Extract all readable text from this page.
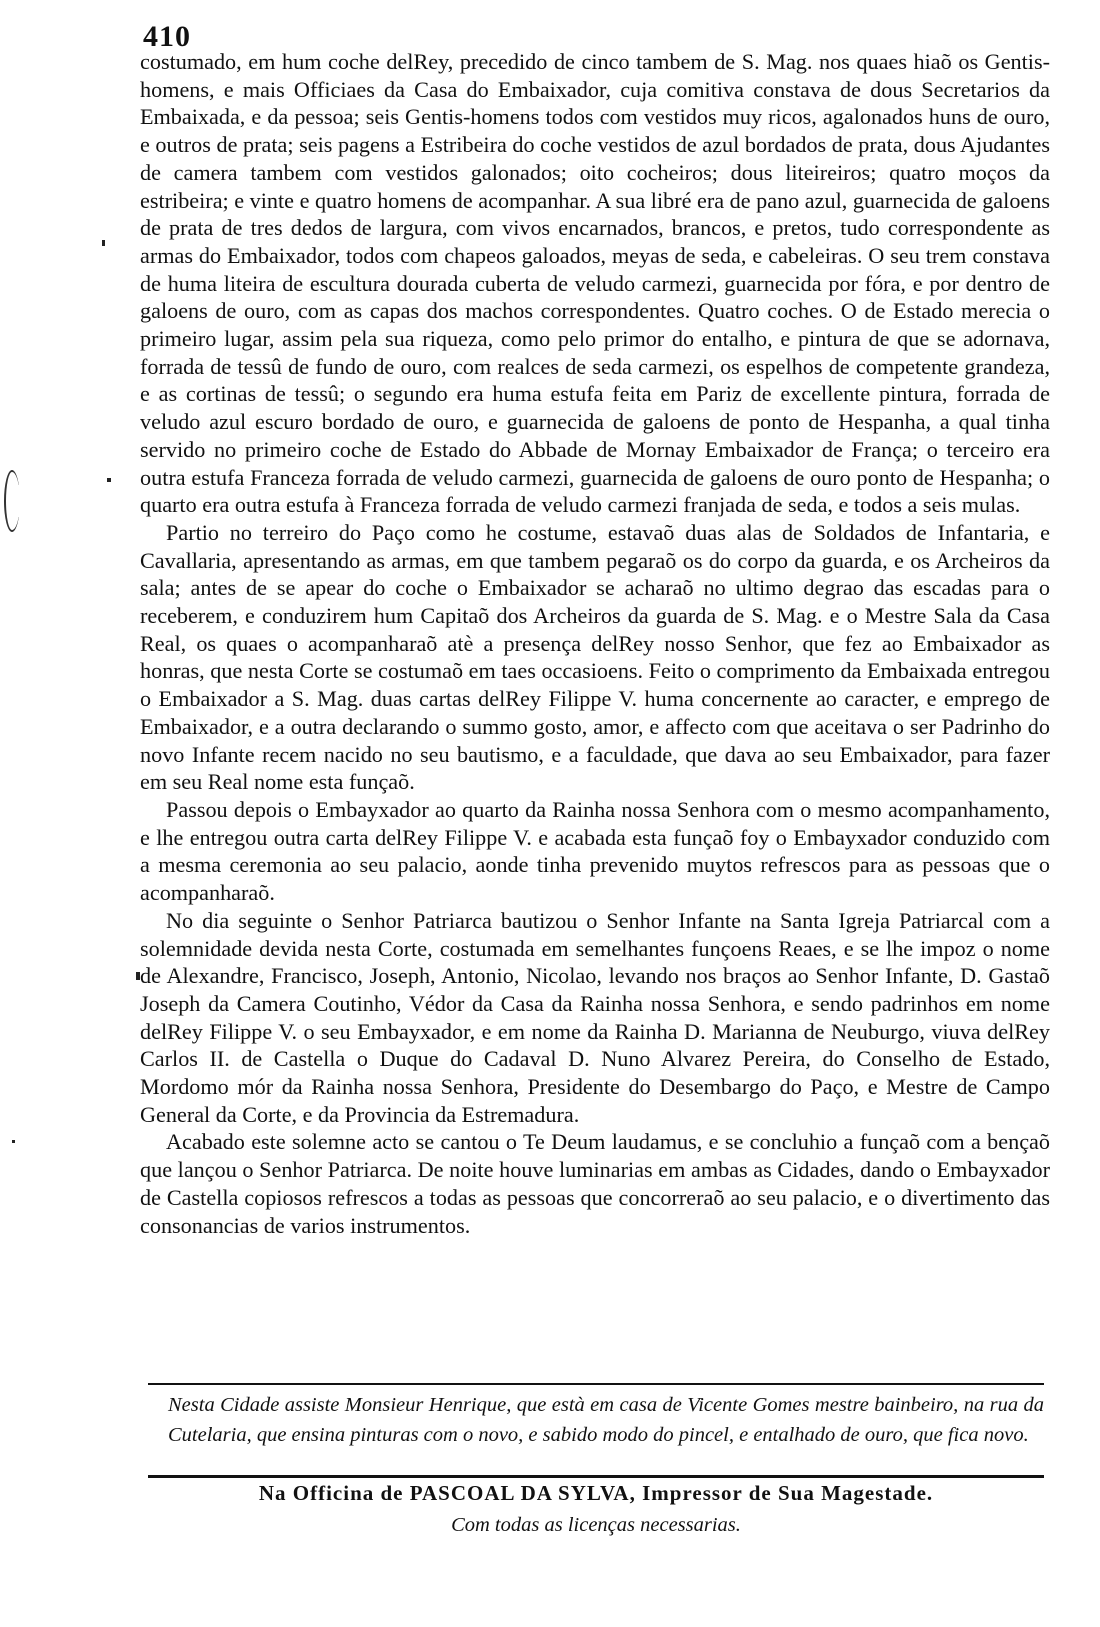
410

costumado, em hum coche delRey, precedido de cinco tambem de S. Mag. nos quaes hiaõ os Gentis-homens, e mais Officiaes da Casa do Embaixador, cuja comitiva constava de dous Secretarios da Embaixada, e da pessoa; seis Gentis-homens todos com vestidos muy ricos, agalonados huns de ouro, e outros de prata; seis pagens a Estribeira do coche vestidos de azul bordados de prata, dous Ajudantes de camera tambem com vestidos galonados; oito cocheiros; dous liteireiros; quatro moços da estribeira; e vinte e quatro homens de acompanhar. A sua libré era de pano azul, guarnecida de galoens de prata de tres dedos de largura, com vivos encarnados, brancos, e pretos, tudo correspondente as armas do Embaixador, todos com chapeos galoados, meyas de seda, e cabeleiras. O seu trem constava de huma liteira de escultura dourada cuberta de veludo carmezi, guarnecida por fóra, e por dentro de galoens de ouro, com as capas dos machos correspondentes. Quatro coches. O de Estado merecia o primeiro lugar, assim pela sua riqueza, como pelo primor do entalho, e pintura de que se adornava, forrada de tessû de fundo de ouro, com realces de seda carmezi, os espelhos de competente grandeza, e as cortinas de tessû; o segundo era huma estufa feita em Pariz de excellente pintura, forrada de veludo azul escuro bordado de ouro, e guarnecida de galoens de ponto de Hespanha, a qual tinha servido no primeiro coche de Estado do Abbade de Mornay Embaixador de França; o terceiro era outra estufa Franceza forrada de veludo carmezi, guarnecida de galoens de ouro ponto de Hespanha; o quarto era outra estufa à Franceza forrada de veludo carmezi franjada de seda, e todos a seis mulas.

Partio no terreiro do Paço como he costume, estavaõ duas alas de Soldados de Infantaria, e Cavallaria, apresentando as armas, em que tambem pegaraõ os do corpo da guarda, e os Archeiros da sala; antes de se apear do coche o Embaixador se acharaõ no ultimo degrao das escadas para o receberem, e conduzirem hum Capitaõ dos Archeiros da guarda de S. Mag. e o Mestre Sala da Casa Real, os quaes o acompanharaõ atè a presença delRey nosso Senhor, que fez ao Embaixador as honras, que nesta Corte se costumaõ em taes occasioens. Feito o comprimento da Embaixada entregou o Embaixador a S. Mag. duas cartas delRey Filippe V. huma concernente ao caracter, e emprego de Embaixador, e a outra declarando o summo gosto, amor, e affecto com que aceitava o ser Padrinho do novo Infante recem nacido no seu bautismo, e a faculdade, que dava ao seu Embaixador, para fazer em seu Real nome esta funçaõ.

Passou depois o Embayxador ao quarto da Rainha nossa Senhora com o mesmo acompanhamento, e lhe entregou outra carta delRey Filippe V. e acabada esta funçaõ foy o Embayxador conduzido com a mesma ceremonia ao seu palacio, aonde tinha prevenido muytos refrescos para as pessoas que o acompanharaõ.

No dia seguinte o Senhor Patriarca bautizou o Senhor Infante na Santa Igreja Patriarcal com a solemnidade devida nesta Corte, costumada em semelhantes funçoens Reaes, e se lhe impoz o nome de Alexandre, Francisco, Joseph, Antonio, Nicolao, levando nos braços ao Senhor Infante, D. Gastaõ Joseph da Camera Coutinho, Védor da Casa da Rainha nossa Senhora, e sendo padrinhos em nome delRey Filippe V. o seu Embayxador, e em nome da Rainha D. Marianna de Neuburgo, viuva delRey Carlos II. de Castella o Duque do Cadaval D. Nuno Alvarez Pereira, do Conselho de Estado, Mordomo mór da Rainha nossa Senhora, Presidente do Desembargo do Paço, e Mestre de Campo General da Corte, e da Provincia da Estremadura.

Acabado este solemne acto se cantou o Te Deum laudamus, e se concluhio a funçaõ com a bençaõ que lançou o Senhor Patriarca. De noite houve luminarias em ambas as Cidades, dando o Embayxador de Castella copiosos refrescos a todas as pessoas que concorreraõ ao seu palacio, e o divertimento das consonancias de varios instrumentos.

Nesta Cidade assiste Monsieur Henrique, que està em casa de Vicente Gomes mestre bainbeiro, na rua da Cutelaria, que ensina pinturas com o novo, e sabido modo do pincel, e entalhado de ouro, que fica novo.
Na Officina de PASCOAL DA SYLVA, Impressor de Sua Magestade.
Com todas as licenças necessarias.
